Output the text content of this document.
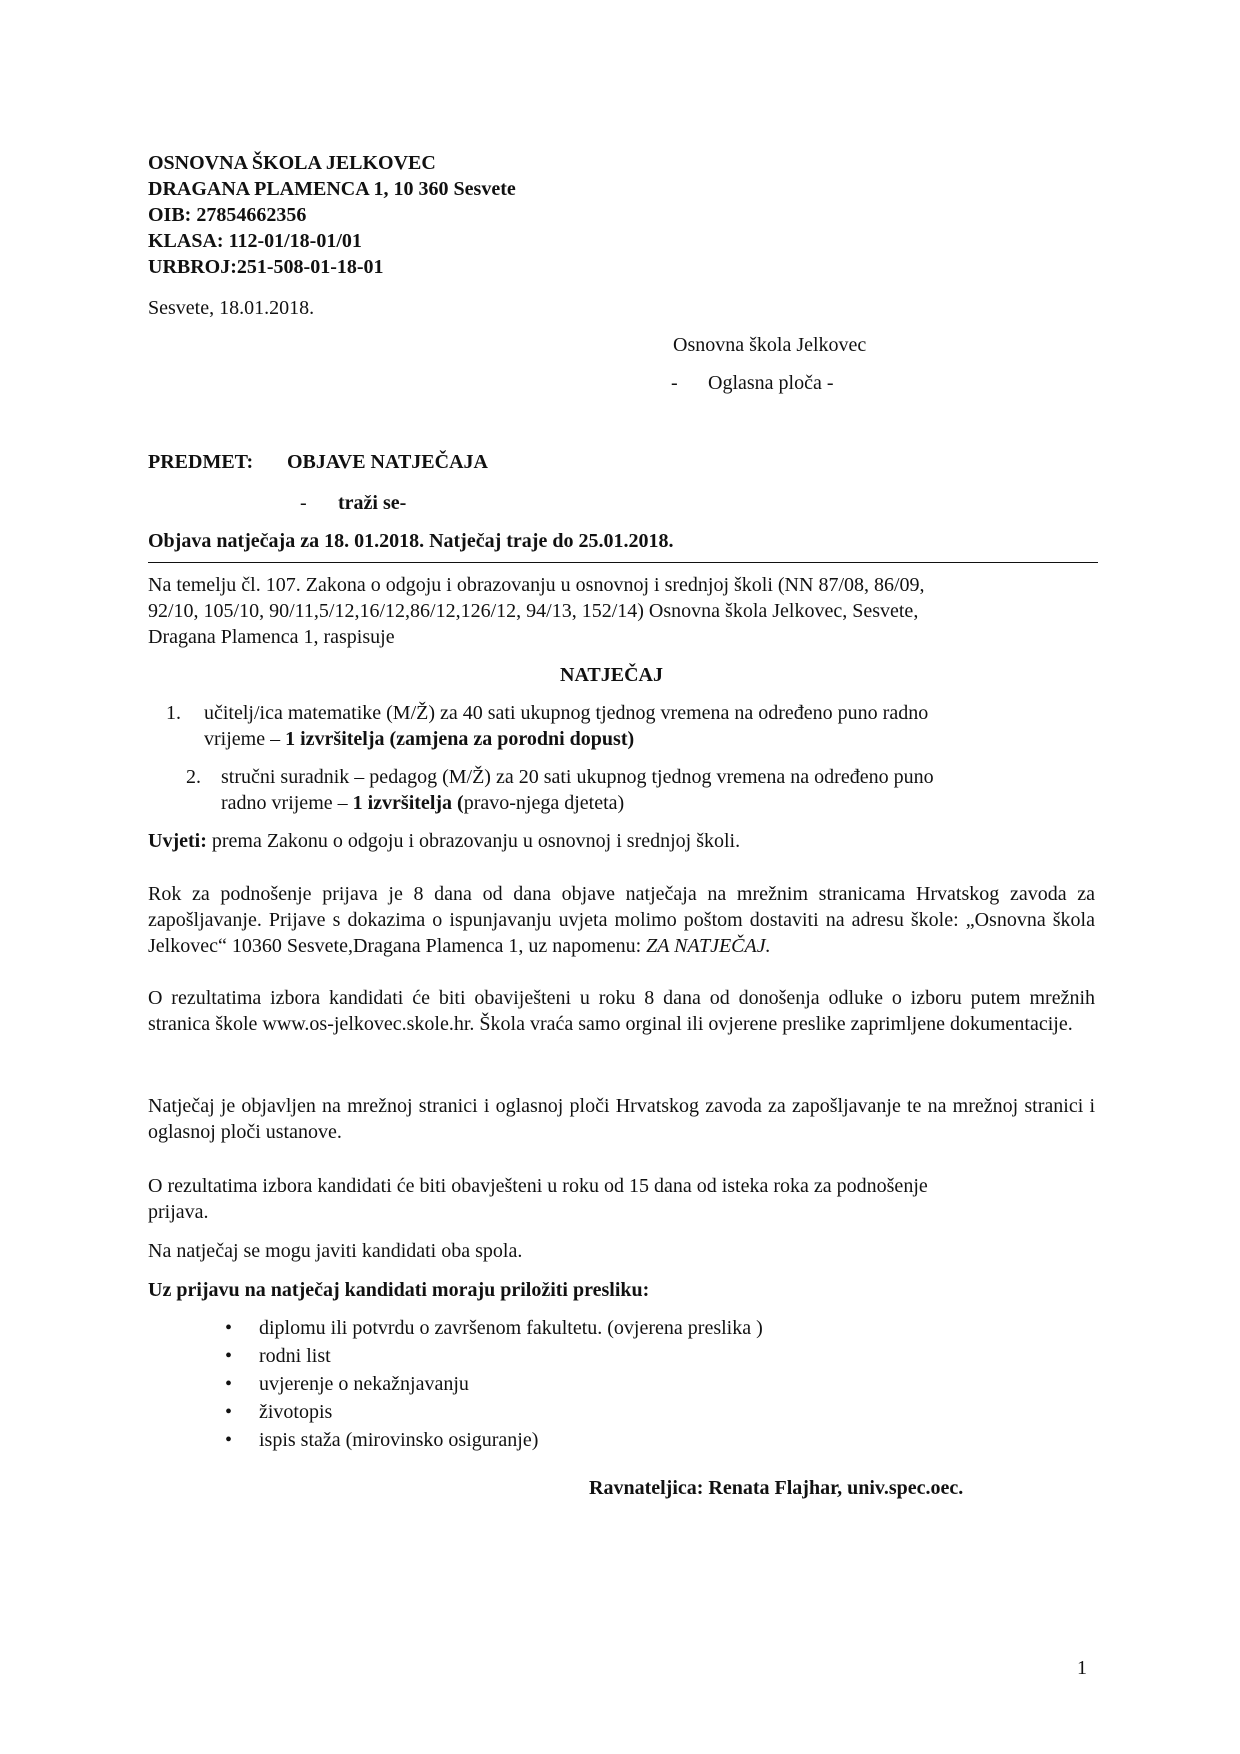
OSNOVNA ŠKOLA JELKOVEC
DRAGANA PLAMENCA 1, 10 360 Sesvete
OIB: 27854662356
KLASA: 112-01/18-01/01
URBROJ:251-508-01-18-01
Sesvete, 18.01.2018.
Osnovna škola Jelkovec
- Oglasna ploča -
PREDMET: OBJAVE NATJEČAJA
- traži se-
Objava natječaja za 18. 01.2018. Natječaj traje do 25.01.2018.
Na temelju čl. 107. Zakona o odgoju i obrazovanju u osnovnoj i srednjoj školi (NN 87/08, 86/09,
92/10, 105/10, 90/11,5/12,16/12,86/12,126/12, 94/13, 152/14) Osnovna škola Jelkovec, Sesvete,
Dragana Plamenca 1, raspisuje
NATJEČAJ
1. učitelj/ica matematike (M/Ž) za 40 sati ukupnog tjednog vremena na određeno puno radno
vrijeme – 1 izvršitelja (zamjena za porodni dopust)
2. stručni suradnik – pedagog (M/Ž) za 20 sati ukupnog tjednog vremena na određeno puno
radno vrijeme – 1 izvršitelja (pravo-njega djeteta)
Uvjeti: prema Zakonu o odgoju i obrazovanju u osnovnoj i srednjoj školi.
Rok za podnošenje prijava je 8 dana od dana objave natječaja na mrežnim stranicama Hrvatskog zavoda za zapošljavanje. Prijave s dokazima o ispunjavanju uvjeta molimo poštom dostaviti na adresu škole: „Osnovna škola Jelkovec“ 10360 Sesvete,Dragana Plamenca 1, uz napomenu: ZA NATJEČAJ.
O rezultatima izbora kandidati će biti obaviješteni u roku 8 dana od donošenja odluke o izboru putem mrežnih stranica škole www.os-jelkovec.skole.hr. Škola vraća samo orginal ili ovjerene preslike zaprimljene dokumentacije.
Natječaj je objavljen na mrežnoj stranici i oglasnoj ploči Hrvatskog zavoda za zapošljavanje te na mrežnoj stranici i oglasnoj ploči ustanove.
O rezultatima izbora kandidati će biti obavješteni u roku od 15 dana od isteka roka za podnošenje
prijava.
Na natječaj se mogu javiti kandidati oba spola.
Uz prijavu na natječaj kandidati moraju priložiti presliku:
• diplomu ili potvrdu o završenom fakultetu. (ovjerena preslika )
• rodni list
• uvjerenje o nekažnjavanju
• životopis
• ispis staža (mirovinsko osiguranje)
Ravnateljica: Renata Flajhar, univ.spec.oec.
1
